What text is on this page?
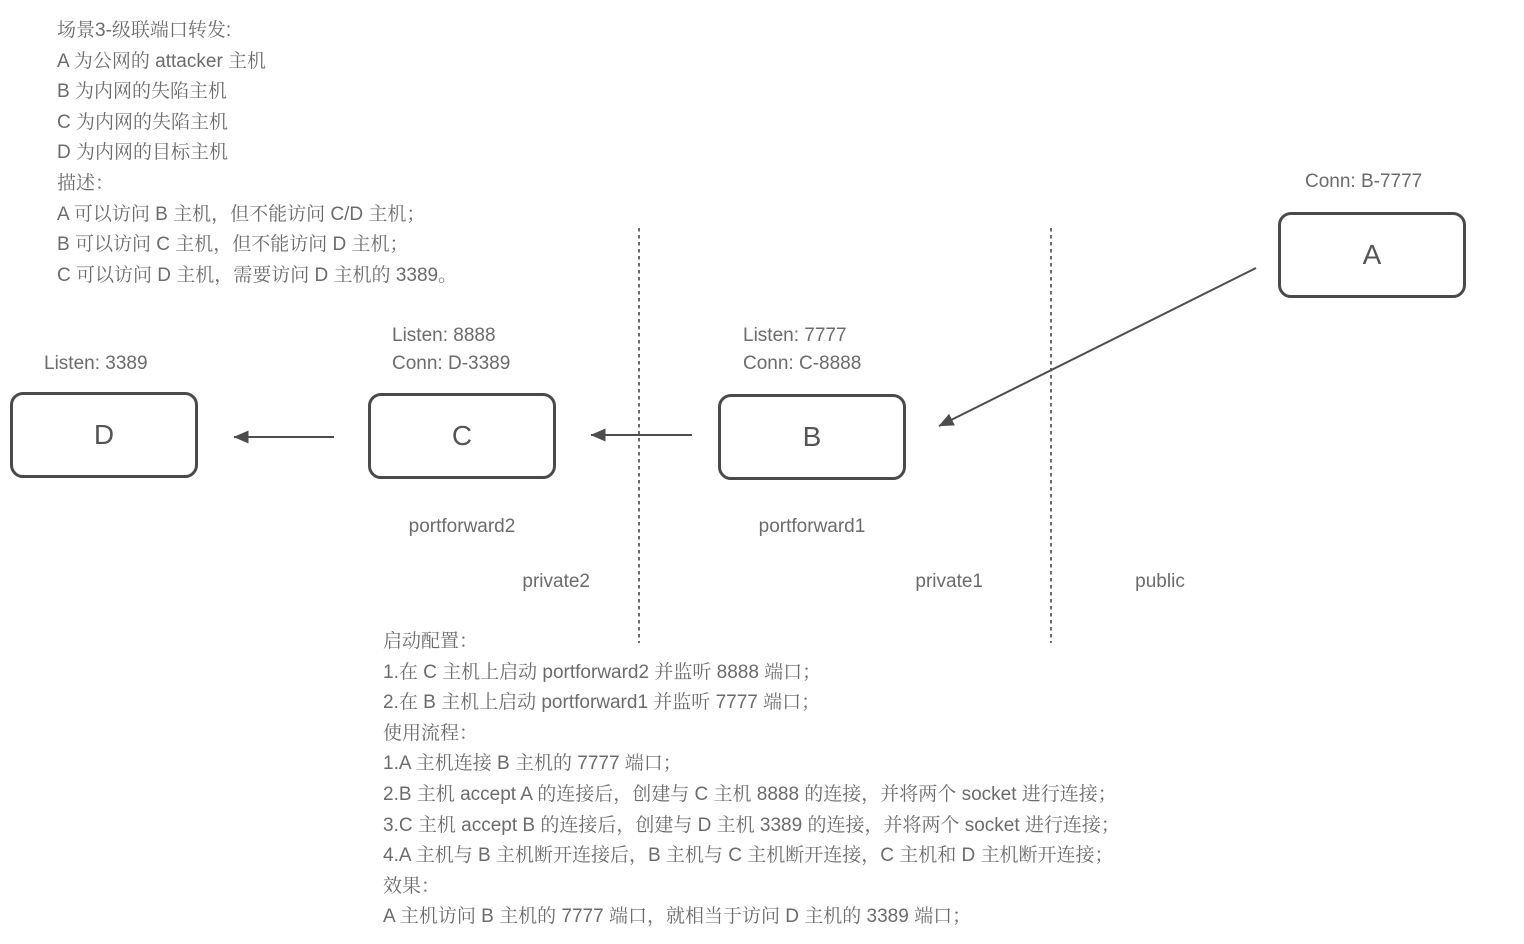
场景3-级联端口转发:
A 为公网的 attacker 主机
B 为内网的失陷主机
C 为内网的失陷主机
D 为内网的目标主机
描述：
A 可以访问 B 主机，但不能访问 C/D 主机；
B 可以访问 C 主机，但不能访问 D 主机；
C 可以访问 D 主机，需要访问 D 主机的 3389。
D	C	B
A
Listen: 3389
Listen: 8888
Conn: D-3389
Listen: 7777
Conn: C-8888
Conn: B-7777
portforward2	portforward1
private2	private1	public
启动配置：
1.在 C 主机上启动 portforward2 并监听 8888 端口；
2.在 B 主机上启动 portforward1 并监听 7777 端口；
使用流程：
1.A 主机连接 B 主机的 7777 端口；
2.B 主机 accept A 的连接后，创建与 C 主机 8888 的连接，并将两个 socket 进行连接；
3.C 主机 accept B 的连接后，创建与 D 主机 3389 的连接，并将两个 socket 进行连接；
4.A 主机与 B 主机断开连接后，B 主机与 C 主机断开连接，C 主机和 D 主机断开连接；
效果：
A 主机访问 B 主机的 7777 端口，就相当于访问 D 主机的 3389 端口；
